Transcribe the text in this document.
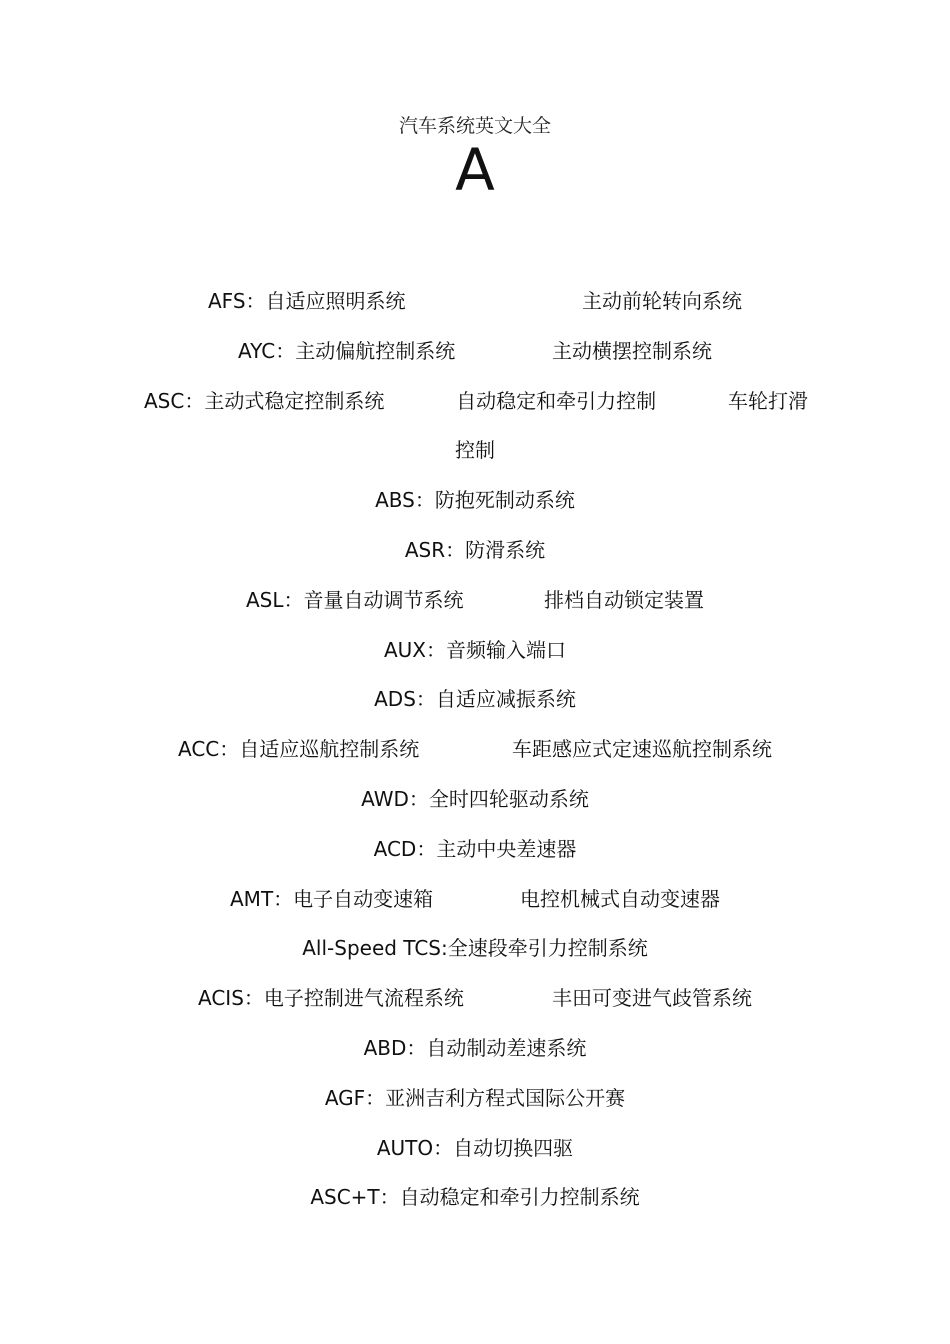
汽车系统英文大全
A
AFS：自适应照明系统	主动前轮转向系统
AYC：主动偏航控制系统	主动横摆控制系统
ASC：主动式稳定控制系统	自动稳定和牵引力控制	车轮打滑
控制
ABS：防抱死制动系统
ASR：防滑系统
ASL：音量自动调节系统	排档自动锁定装置
AUX：音频输入端口
ADS：自适应减振系统
ACC：自适应巡航控制系统	车距感应式定速巡航控制系统
AWD：全时四轮驱动系统
ACD：主动中央差速器
AMT：电子自动变速箱	电控机械式自动变速器
All-Speed TCS:全速段牵引力控制系统
ACIS：电子控制进气流程系统	丰田可变进气歧管系统
ABD：自动制动差速系统
AGF：亚洲吉利方程式国际公开赛
AUTO：自动切换四驱
ASC+T：自动稳定和牵引力控制系统
